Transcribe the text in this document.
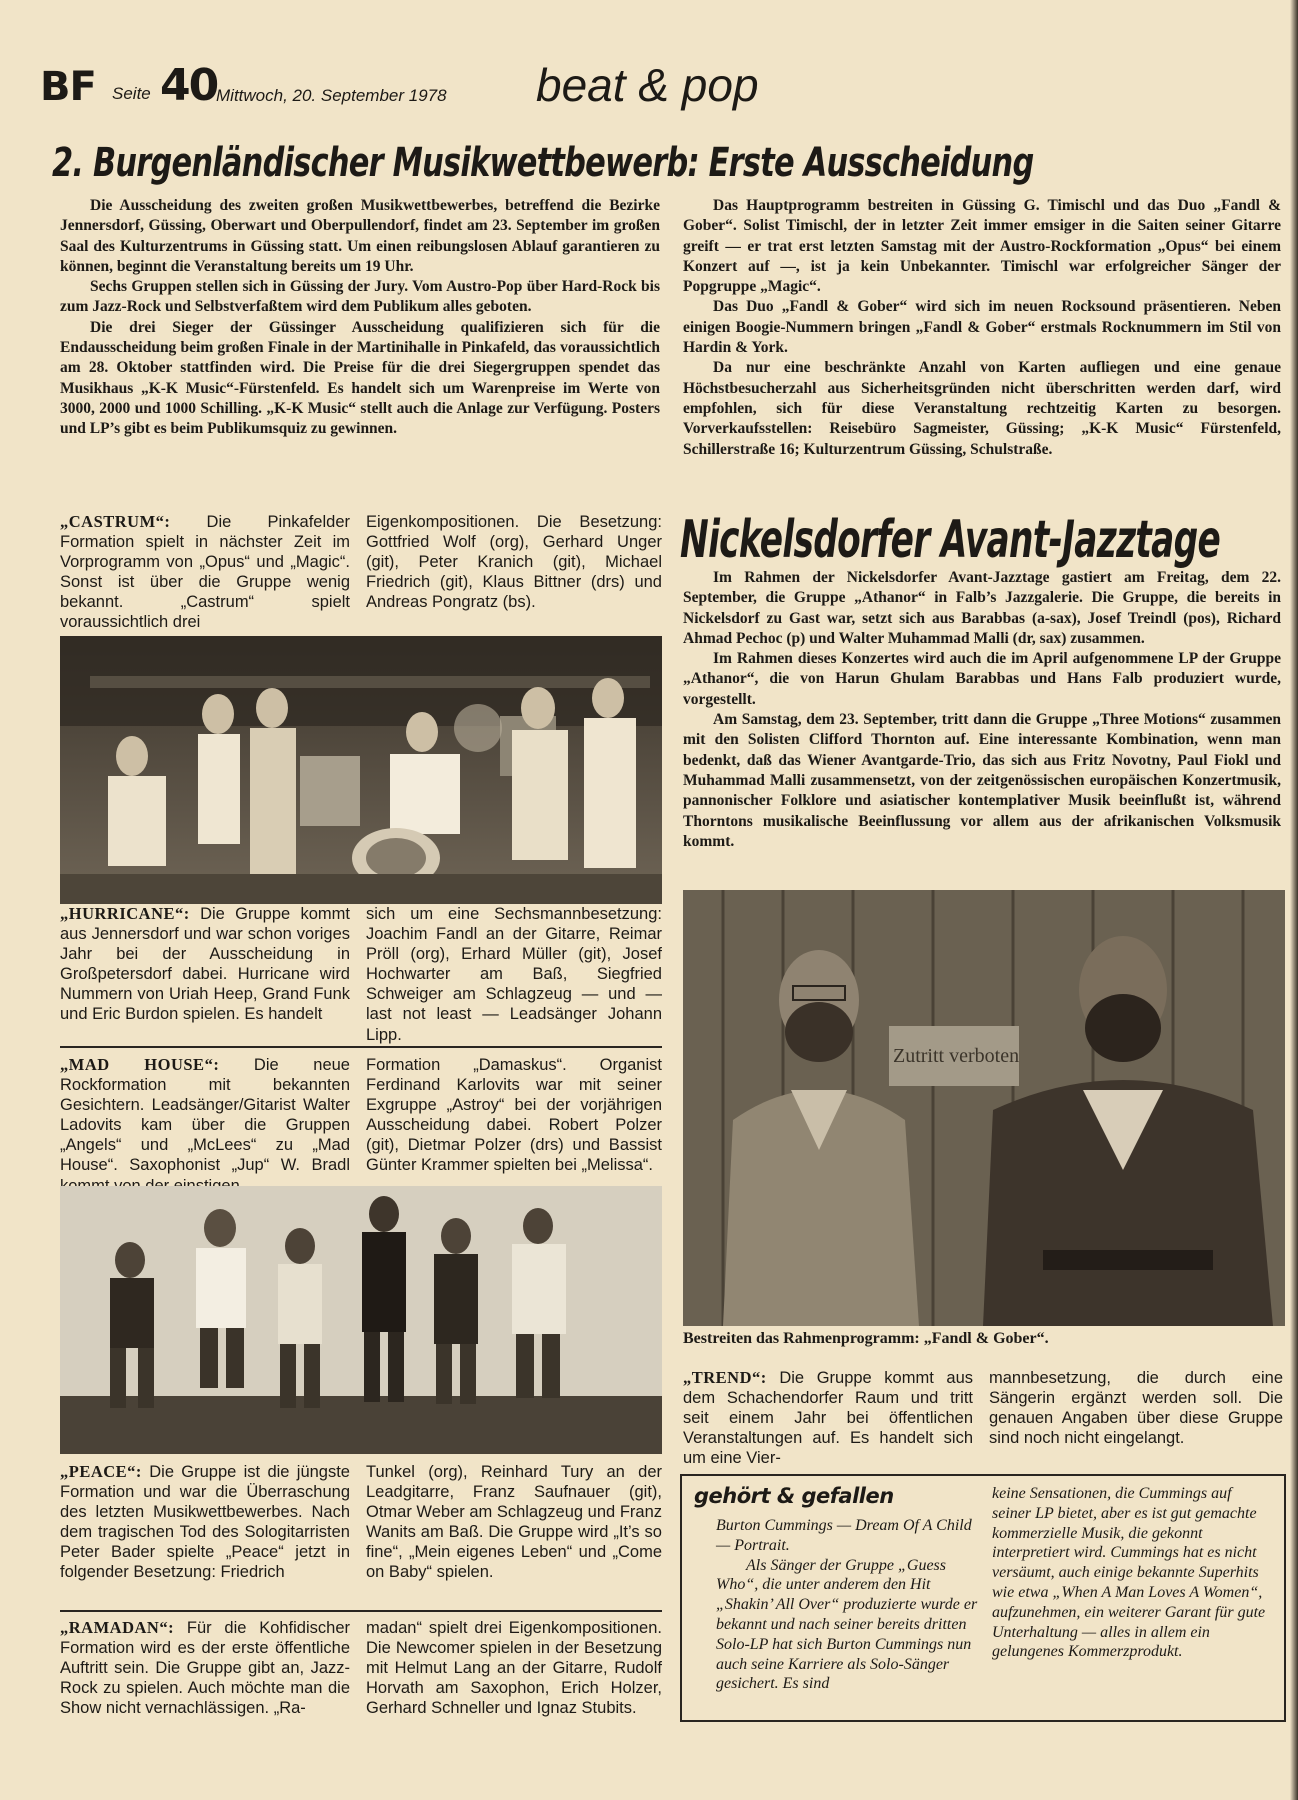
BF Seite 40
Mittwoch, 20. September 1978 beat & pop
2. Burgenländischer Musikwettbewerb: Erste Ausscheidung

Die Ausscheidung des zweiten großen Musikwettbewerbes, betreffend die Bezirke Jennersdorf, Güssing, Oberwart und Oberpullendorf, findet am 23. September im großen Saal des Kulturzentrums in Güssing statt. Um einen reibungslosen Ablauf garantieren zu können, beginnt die Veranstaltung bereits um 19 Uhr.

Sechs Gruppen stellen sich in Güssing der Jury. Vom Austro-Pop über Hard-Rock bis zum Jazz-Rock und Selbstverfaßtem wird dem Publikum alles geboten.

Die drei Sieger der Güssinger Ausscheidung qualifizieren sich für die Endausscheidung beim großen Finale in der Martinihalle in Pinkafeld, das voraussichtlich am 28. Oktober stattfinden wird. Die Preise für die drei Siegergruppen spendet das Musikhaus „K-K Music“-Fürstenfeld. Es handelt sich um Warenpreise im Werte von 3000, 2000 und 1000 Schilling. „K-K Music“ stellt auch die Anlage zur Verfügung. Posters und LP’s gibt es beim Publikumsquiz zu gewinnen.

Das Hauptprogramm bestreiten in Güssing G. Timischl und das Duo „Fandl & Gober“. Solist Timischl, der in letzter Zeit immer emsiger in die Saiten seiner Gitarre greift — er trat erst letzten Samstag mit der Austro-Rockformation „Opus“ bei einem Konzert auf —, ist ja kein Unbekannter. Timischl war erfolgreicher Sänger der Popgruppe „Magic“.

Das Duo „Fandl & Gober“ wird sich im neuen Rocksound präsentieren. Neben einigen Boogie-Nummern bringen „Fandl & Gober“ erstmals Rocknummern im Stil von Hardin & York.

Da nur eine beschränkte Anzahl von Karten aufliegen und eine genaue Höchstbesucherzahl aus Sicherheitsgründen nicht überschritten werden darf, wird empfohlen, sich für diese Veranstaltung rechtzeitig Karten zu besorgen. Vorverkaufsstellen: Reisebüro Sagmeister, Güssing; „K-K Music“ Fürstenfeld, Schillerstraße 16; Kulturzentrum Güssing, Schulstraße.

„CASTRUM“: Die Pinkafelder Formation spielt in nächster Zeit im Vorprogramm von „Opus“ und „Magic“. Sonst ist über die Gruppe wenig bekannt. „Castrum“ spielt voraussichtlich drei
Eigenkompositionen. Die Besetzung: Gottfried Wolf (org), Gerhard Unger (git), Peter Kranich (git), Michael Friedrich (git), Klaus Bittner (drs) und Andreas Pongratz (bs).
„HURRICANE“: Die Gruppe kommt aus Jennersdorf und war schon voriges Jahr bei der Ausscheidung in Großpetersdorf dabei. Hurricane wird Nummern von Uriah Heep, Grand Funk und Eric Burdon spielen. Es handelt
sich um eine Sechsmannbesetzung: Joachim Fandl an der Gitarre, Reimar Pröll (org), Erhard Müller (git), Josef Hochwarter am Baß, Siegfried Schweiger am Schlagzeug — und — last not least — Leadsänger Johann Lipp.
„MAD HOUSE“: Die neue Rockformation mit bekannten Gesichtern. Leadsänger/Gitarist Walter Ladovits kam über die Gruppen „Angels“ und „McLees“ zu „Mad House“. Saxophonist „Jup“ W. Bradl
Formation „Damaskus“. Organist Ferdinand Karlovits war mit seiner Exgruppe „Astroy“ bei der vorjährigen Ausscheidung dabei. Robert Polzer (git), Dietmar Polzer (drs) und Bassist Günter Krammer spielten bei „Melissa“.
„PEACE“: Die Gruppe ist die jüngste Formation und war die Überraschung des letzten Musikwettbewerbes. Nach dem tragischen Tod des Sologitarristen Peter Bader spielte „Peace“ jetzt in folgender Besetzung: Friedrich
Tunkel (org), Reinhard Tury an der Leadgitarre, Franz Saufnauer (git), Otmar Weber am Schlagzeug und Franz Wanits am Baß. Die Gruppe wird „It’s so fine“, „Mein eigenes Leben“ und „Come on Baby“ spielen.
„RAMADAN“: Für die Kohfidischer Formation wird es der erste öffentliche Auftritt sein. Die Gruppe gibt an, Jazz-Rock zu spielen. Auch möchte man die Show nicht vernachlässigen. „Ra-
madan“ spielt drei Eigenkompositionen. Die Newcomer spielen in der Besetzung mit Helmut Lang an der Gitarre, Rudolf Horvath am Saxophon, Erich Holzer, Gerhard Schneller und Ignaz Stubits.
Nickelsdorfer Avant-Jazztage

Im Rahmen der Nickelsdorfer Avant-Jazztage gastiert am Freitag, dem 22. September, die Gruppe „Athanor“ in Falb’s Jazzgalerie. Die Gruppe, die bereits in Nickelsdorf zu Gast war, setzt sich aus Barabbas (a-sax), Josef Treindl (pos), Richard Ahmad Pechoc (p) und Walter Muhammad Malli (dr, sax) zusammen.

Im Rahmen dieses Konzertes wird auch die im April aufgenommene LP der Gruppe „Athanor“, die von Harun Ghulam Barabbas und Hans Falb produziert wurde, vorgestellt.

Am Samstag, dem 23. September, tritt dann die Gruppe „Three Motions“ zusammen mit den Solisten Clifford Thornton auf. Eine interessante Kombination, wenn man bedenkt, daß das Wiener Avantgarde-Trio, das sich aus Fritz Novotny, Paul Fiokl und Muhammad Malli zusammensetzt, von der zeitgenössischen europäischen Konzertmusik, pannonischer Folklore und asiatischer kontemplativer Musik beeinflußt ist, während Thorntons musikalische Beeinflussung vor allem aus der afrikanischen Volksmusik kommt.

Zutritt verboten
Bestreiten das Rahmenprogramm: „Fandl & Gober“.
„TREND“: Die Gruppe kommt aus dem Schachendorfer Raum und tritt seit einem Jahr bei öffentlichen Veranstaltungen auf. Es handelt sich um eine Vier-
mannbesetzung, die durch eine Sängerin ergänzt werden soll. Die genauen Angaben über diese Gruppe sind noch nicht eingelangt.
gehört & gefallen

Burton Cummings — Dream Of A Child — Portrait.

Als Sänger der Gruppe „Guess Who“, die unter anderem den Hit „Shakin’ All Over“ produzierte wurde er bekannt und nach seiner bereits dritten Solo-LP hat sich Burton Cummings nun auch seine Karriere als Solo-Sänger gesichert. Es sind

keine Sensationen, die Cummings auf seiner LP bietet, aber es ist gut gemachte kommerzielle Musik, die gekonnt interpretiert wird. Cummings hat es nicht versäumt, auch einige bekannte Superhits wie etwa „When A Man Loves A Women“, aufzunehmen, ein weiterer Garant für gute Unterhaltung — alles in allem ein gelungenes Kommerzprodukt.
